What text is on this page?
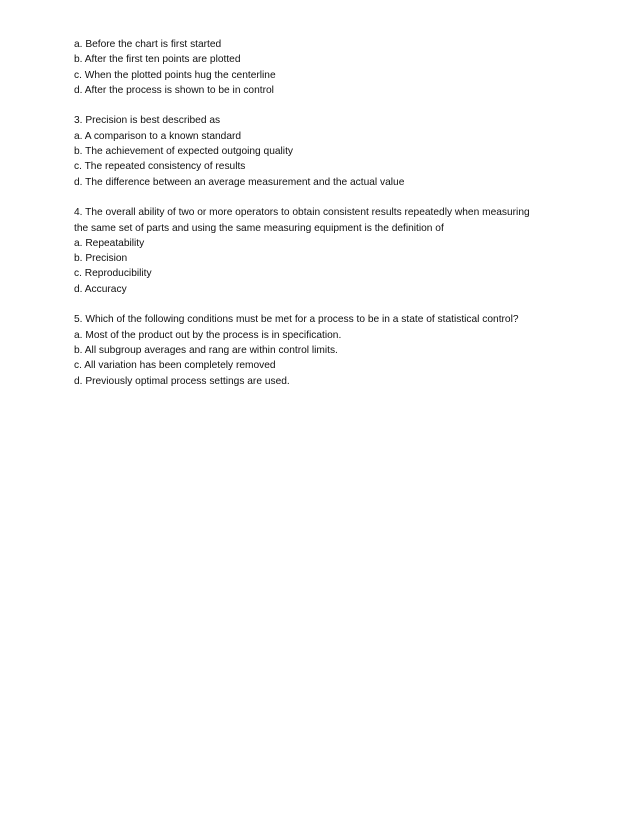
a. Before the chart is first started
b. After the first ten points are plotted
c. When the plotted points hug the centerline
d. After the process is shown to be in control
3. Precision is best described as
a. A comparison to a known standard
b. The achievement of expected outgoing quality
c. The repeated consistency of results
d. The difference between an average measurement and the actual value
4. The overall ability of two or more operators to obtain consistent results repeatedly when measuring
the same set of parts and using the same measuring equipment is the definition of
a. Repeatability
b. Precision
c. Reproducibility
d. Accuracy
5. Which of the following conditions must be met for a process to be in a state of statistical control?
a. Most of the product out by the process is in specification.
b. All subgroup averages and rang are within control limits.
c. All variation has been completely removed
d. Previously optimal process settings are used.
